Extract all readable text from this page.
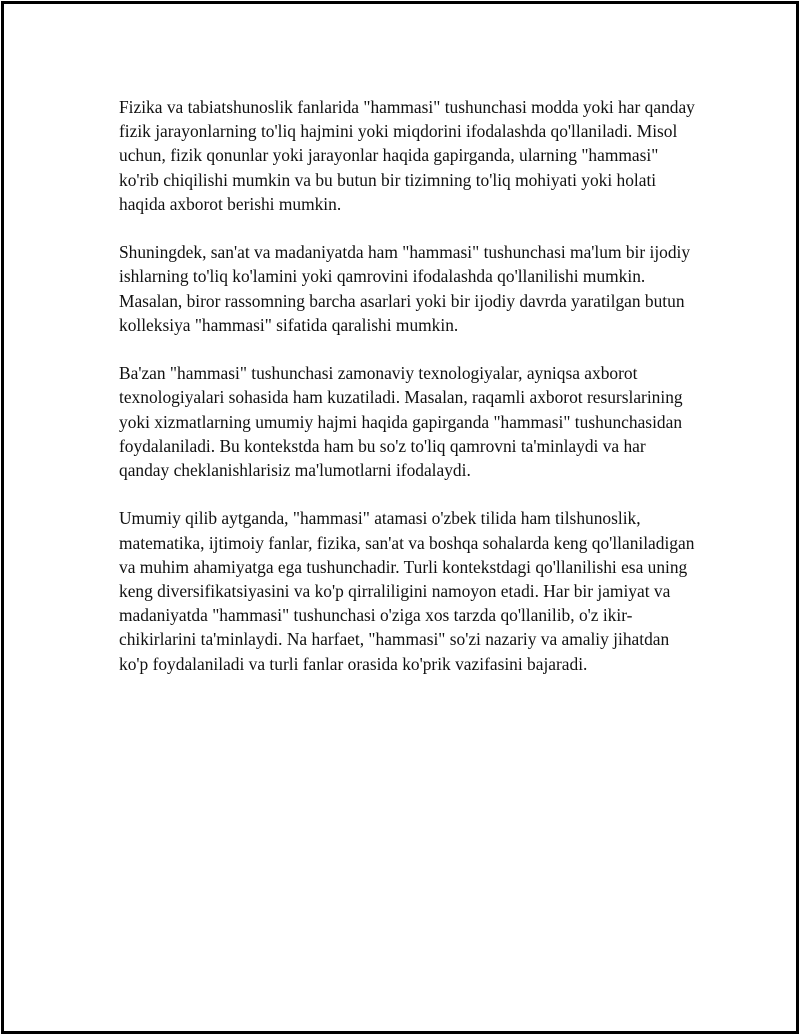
Fizika va tabiatshunoslik fanlarida "hammasi" tushunchasi modda yoki har qanday fizik jarayonlarning to'liq hajmini yoki miqdorini ifodalashda qo'llaniladi. Misol uchun, fizik qonunlar yoki jarayonlar haqida gapirganda, ularning "hammasi" ko'rib chiqilishi mumkin va bu butun bir tizimning to'liq mohiyati yoki holati haqida axborot berishi mumkin.

Shuningdek, san'at va madaniyatda ham "hammasi" tushunchasi ma'lum bir ijodiy ishlarning to'liq ko'lamini yoki qamrovini ifodalashda qo'llanilishi mumkin. Masalan, biror rassomning barcha asarlari yoki bir ijodiy davrda yaratilgan butun kolleksiya "hammasi" sifatida qaralishi mumkin.

Ba'zan "hammasi" tushunchasi zamonaviy texnologiyalar, ayniqsa axborot texnologiyalari sohasida ham kuzatiladi. Masalan, raqamli axborot resurslarining yoki xizmatlarning umumiy hajmi haqida gapirganda "hammasi" tushunchasidan foydalaniladi. Bu kontekstda ham bu so'z to'liq qamrovni ta'minlaydi va har qanday cheklanishlarisiz ma'lumotlarni ifodalaydi.

Umumiy qilib aytganda, "hammasi" atamasi o'zbek tilida ham tilshunoslik, matematika, ijtimoiy fanlar, fizika, san'at va boshqa sohalarda keng qo'llaniladigan va muhim ahamiyatga ega tushunchadir. Turli kontekstdagi qo'llanilishi esa uning keng diversifikatsiyasini va ko'p qirraliligini namoyon etadi. Har bir jamiyat va madaniyatda "hammasi" tushunchasi o'ziga xos tarzda qo'llanilib, o'z ikir-chikirlarini ta'minlaydi. Na harfaet, "hammasi" so'zi nazariy va amaliy jihatdan ko'p foydalaniladi va turli fanlar orasida ko'prik vazifasini bajaradi.
